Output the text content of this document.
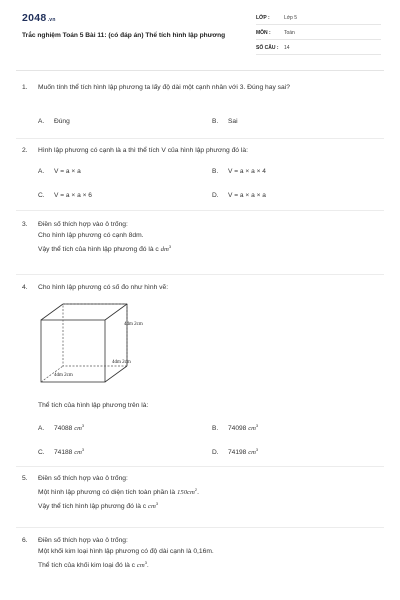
2048.vn
Trắc nghiệm Toán 5 Bài 11: (có đáp án) Thể tích hình lập phương
LỚP :	Lớp 5
MÔN :	Toán
SỐ CÂU : 14
1. Muốn tính thể tích hình lập phương ta lấy độ dài một cạnh nhân với 3. Đúng hay sai?
A. Đúng	B. Sai
2. Hình lập phương có cạnh là a thì thể tích V của hình lập phương đó là:
A. V = a × a	B. V = a × a × 4
C. V = a × a × 6	D. V = a × a × a
3. Điền số thích hợp vào ô trống:
Cho hình lập phương có cạnh 8dm.
Vậy thể tích của hình lập phương đó là c $dm^3$
4. Cho hình lập phương có số đo như hình vẽ:
4dm 2cm
4dm 2cm
4dm 2cm
Thể tích của hình lập phương trên là:
A. 74088 $cm^3$	B. 74098 $cm^3$
C. 74188 $cm^3$	D. 74198 $cm^3$
5. Điền số thích hợp vào ô trống:
Một hình lập phương có diện tích toàn phần là $150cm^2$.
Vậy thể tích hình lập phương đó là c $cm^3$
6. Điền số thích hợp vào ô trống:
Một khối kim loại hình lập phương có độ dài cạnh là 0,16m.
Thể tích của khối kim loại đó là c $cm^3$.
